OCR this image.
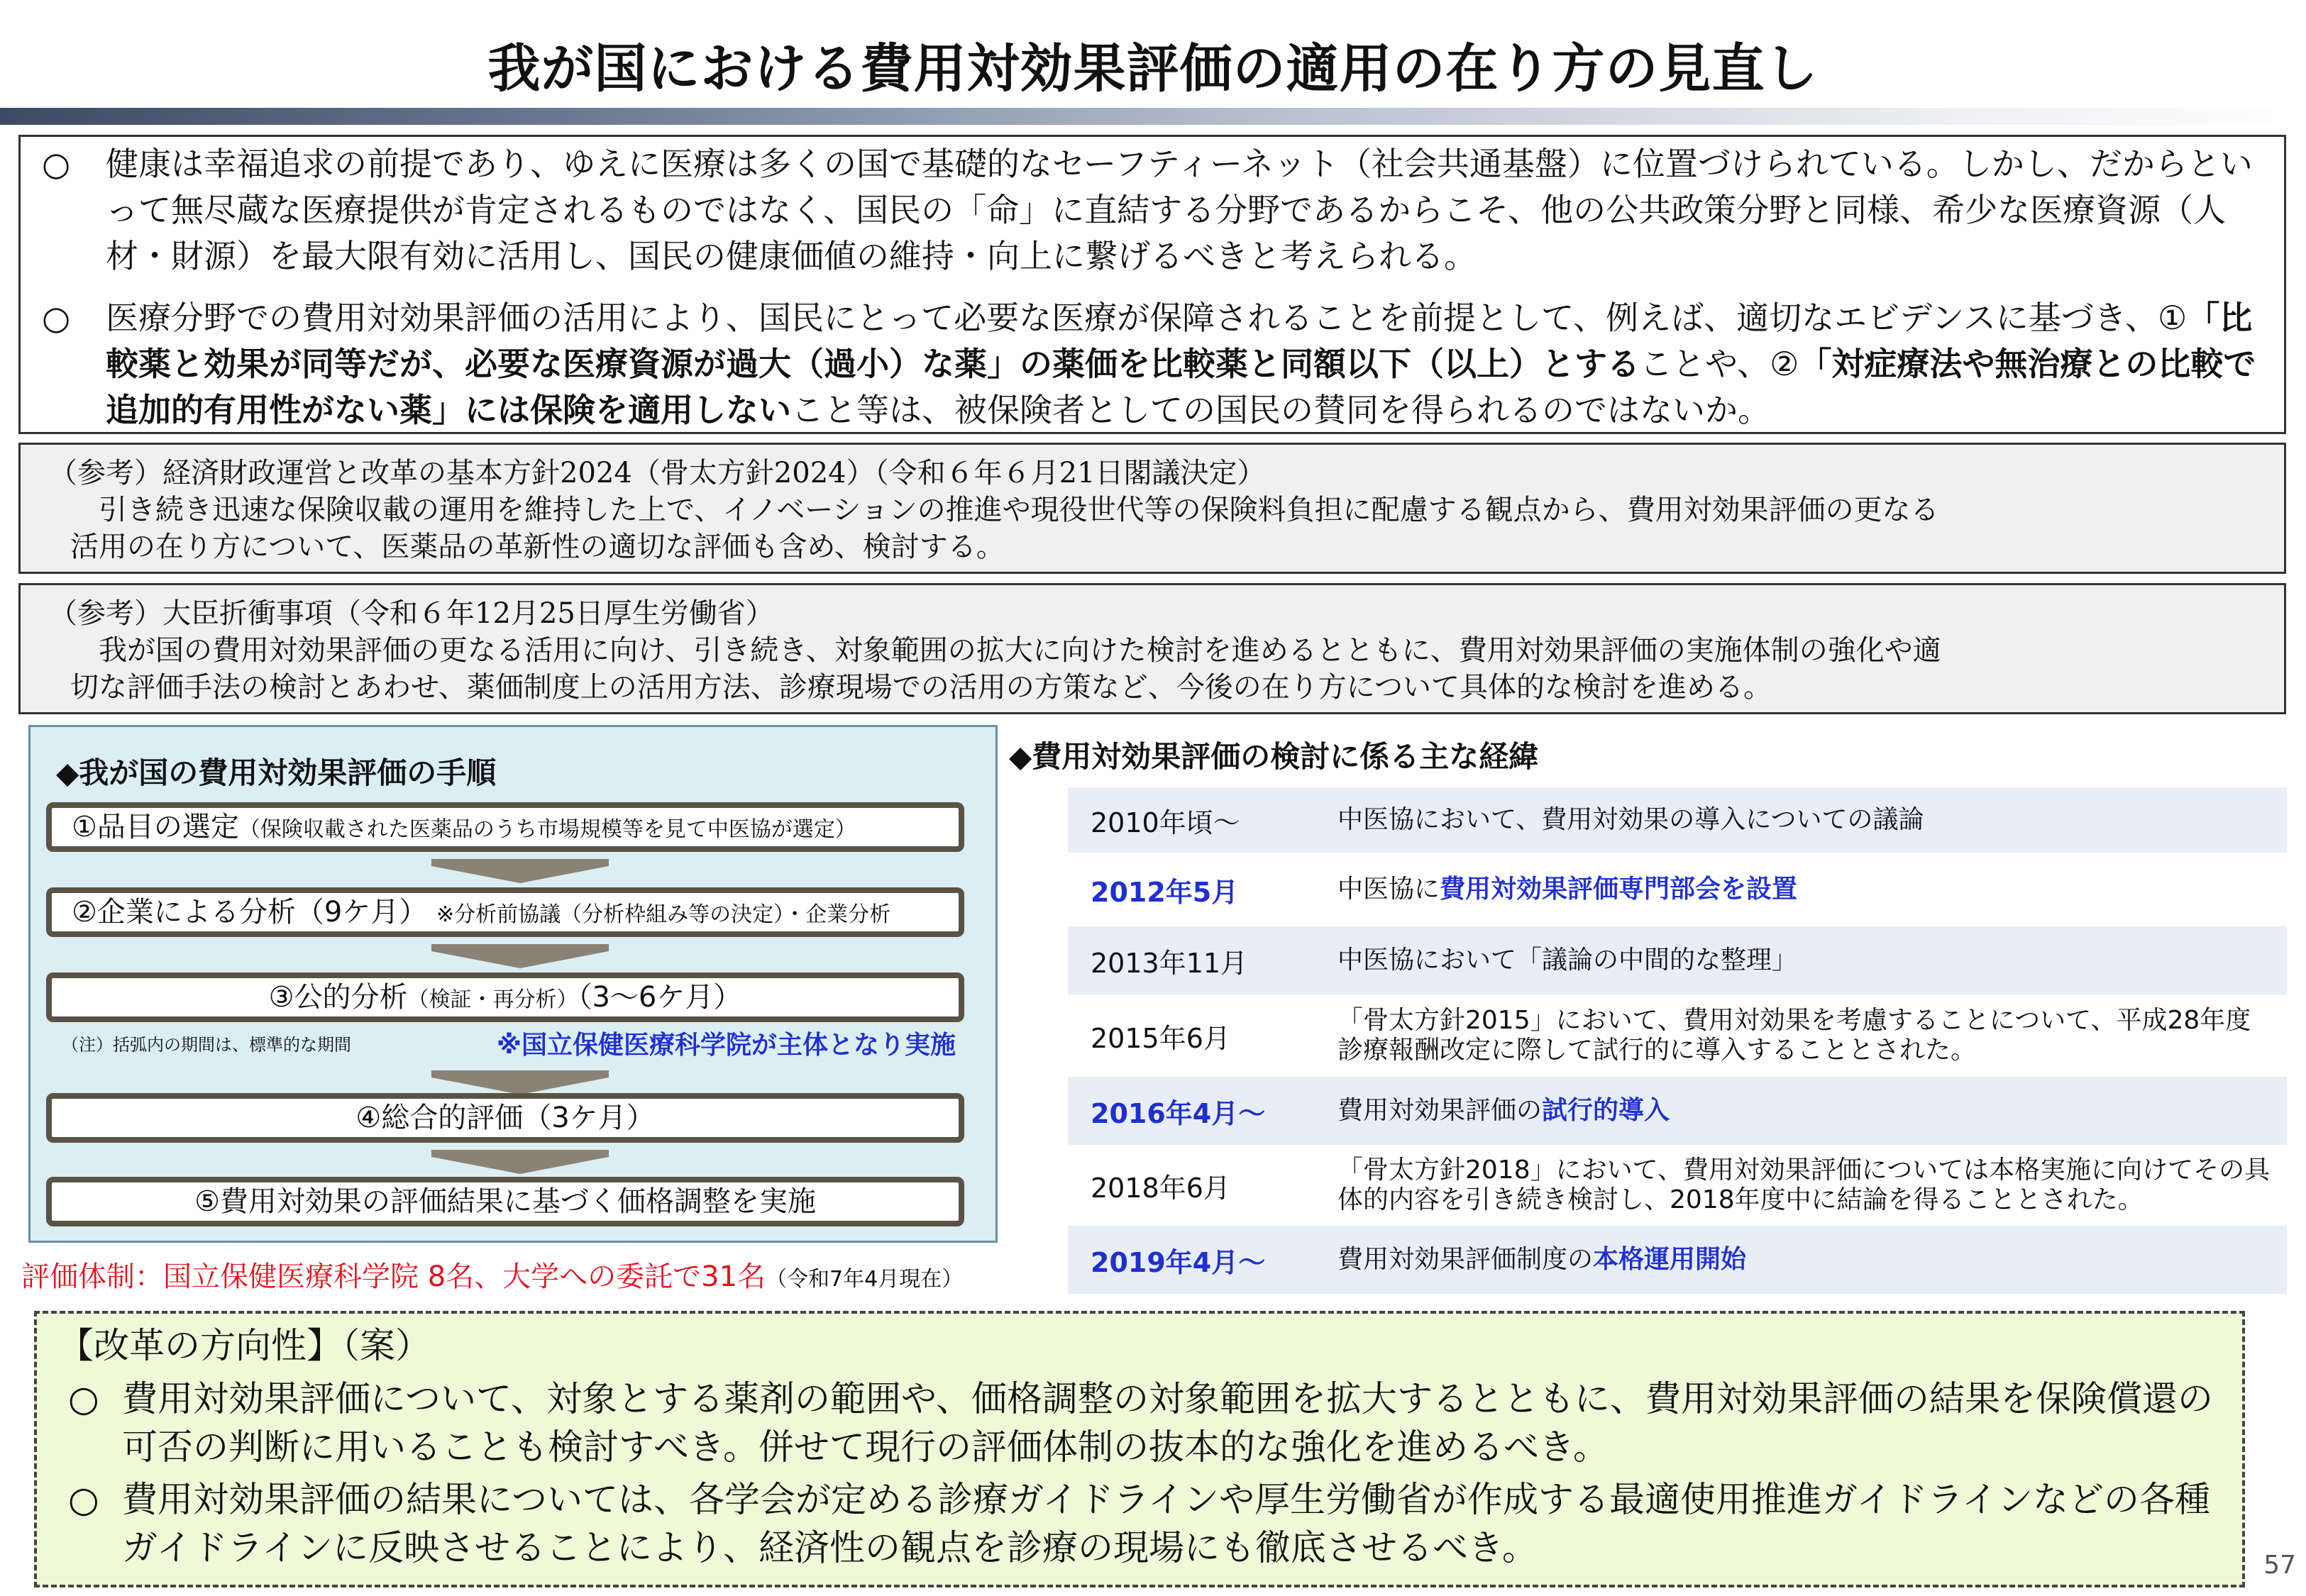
我が国における費用対効果評価の適用の在り方の見直し
○	健康は幸福追求の前提であり、ゆえに医療は多くの国で基礎的なセーフティーネット（社会共通基盤）に位置づけられている。しかし、だからといって無尽蔵な医療提供が肯定されるものではなく、国民の「命」に直結する分野であるからこそ、他の公共政策分野と同様、希少な医療資源（人材・財源）を最大限有効に活用し、国民の健康価値の維持・向上に繋げるべきと考えられる。
○	医療分野での費用対効果評価の活用により、国民にとって必要な医療が保障されることを前提として、例えば、適切なエビデンスに基づき、①「比較薬と効果が同等だが、必要な医療資源が過大（過小）な薬」の薬価を比較薬と同額以下（以上）とすることや、②「対症療法や無治療との比較で追加的有用性がない薬」には保険を適用しないこと等は、被保険者としての国民の賛同を得られるのではないか。
（参考）経済財政運営と改革の基本方針2024（骨太方針2024）（令和６年６月21日閣議決定）
引き続き迅速な保険収載の運用を維持した上で、イノベーションの推進や現役世代等の保険料負担に配慮する観点から、費用対効果評価の更なる
活用の在り方について、医薬品の革新性の適切な評価も含め、検討する。
（参考）大臣折衝事項（令和６年12月25日厚生労働省）
我が国の費用対効果評価の更なる活用に向け、引き続き、対象範囲の拡大に向けた検討を進めるとともに、費用対効果評価の実施体制の強化や適
切な評価手法の検討とあわせ、薬価制度上の活用方法、診療現場での活用の方策など、今後の在り方について具体的な検討を進める。
◆我が国の費用対効果評価の手順
①品目の選定（保険収載された医薬品のうち市場規模等を見て中医協が選定）
②企業による分析（9ケ月） ※分析前協議（分析枠組み等の決定）・企業分析
③公的分析（検証・再分析）（3～6ケ月）
（注）括弧内の期間は、標準的な期間	※国立保健医療科学院が主体となり実施
④総合的評価（3ケ月）
⑤費用対効果の評価結果に基づく価格調整を実施
評価体制：国立保健医療科学院 8名、大学への委託で31名（令和7年4月現在）
◆費用対効果評価の検討に係る主な経緯
2010年頃～	中医協において、費用対効果の導入についての議論
2012年5月	中医協に費用対効果評価専門部会を設置
2013年11月	中医協において「議論の中間的な整理」
2015年6月
「骨太方針2015」において、費用対効果を考慮することについて、平成28年度診療報酬改定に際して試行的に導入することとされた。
2016年4月～	費用対効果評価の試行的導入
2018年6月
「骨太方針2018」において、費用対効果評価については本格実施に向けてその具体的内容を引き続き検討し、2018年度中に結論を得ることとされた。
2019年4月～	費用対効果評価制度の本格運用開始
【改革の方向性】（案）
○ 費用対効果評価について、対象とする薬剤の範囲や、価格調整の対象範囲を拡大するとともに、費用対効果評価の結果を保険償還の可否の判断に用いることも検討すべき。併せて現行の評価体制の抜本的な強化を進めるべき。
○ 費用対効果評価の結果については、各学会が定める診療ガイドラインや厚生労働省が作成する最適使用推進ガイドラインなどの各種ガイドラインに反映させることにより、経済性の観点を診療の現場にも徹底させるべき。	57
